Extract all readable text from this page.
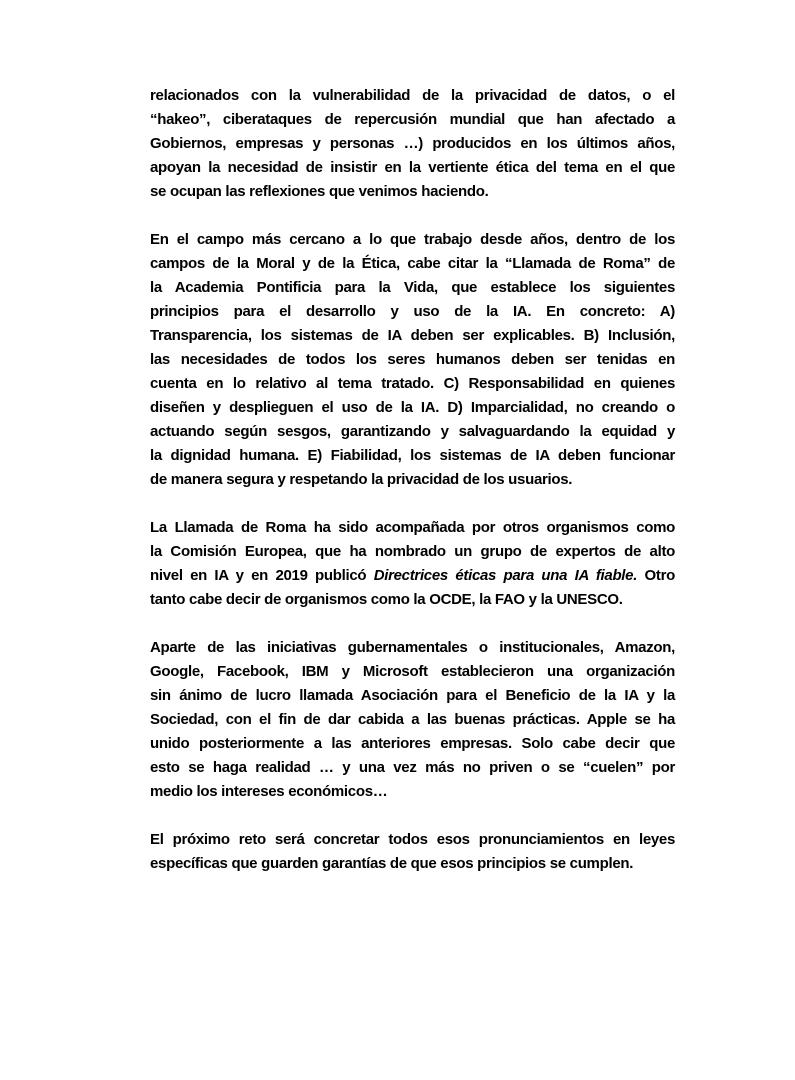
relacionados con la vulnerabilidad de la privacidad de datos, o el
“hakeo”, ciberataques de repercusión mundial que han afectado a
Gobiernos, empresas y personas …) producidos en los últimos años,
apoyan la necesidad de insistir en la vertiente ética del tema en el que
se ocupan las reflexiones que venimos haciendo.

En el campo más cercano a lo que trabajo desde años, dentro de los
campos de la Moral y de la Ética, cabe citar la “Llamada de Roma” de
la Academia Pontificia para la Vida, que establece los siguientes
principios para el desarrollo y uso de la IA. En concreto: A)
Transparencia, los sistemas de IA deben ser explicables. B) Inclusión,
las necesidades de todos los seres humanos deben ser tenidas en
cuenta en lo relativo al tema tratado. C) Responsabilidad en quienes
diseñen y desplieguen el uso de la IA. D) Imparcialidad, no creando o
actuando según sesgos, garantizando y salvaguardando la equidad y
la dignidad humana. E) Fiabilidad, los sistemas de IA deben funcionar
de manera segura y respetando la privacidad de los usuarios.

La Llamada de Roma ha sido acompañada por otros organismos como
la Comisión Europea, que ha nombrado un grupo de expertos de alto
nivel en IA y en 2019 publicó Directrices éticas para una IA fiable. Otro
tanto cabe decir de organismos como la OCDE, la FAO y la UNESCO.

Aparte de las iniciativas gubernamentales o institucionales, Amazon,
Google, Facebook, IBM y Microsoft establecieron una organización
sin ánimo de lucro llamada Asociación para el Beneficio de la IA y la
Sociedad, con el fin de dar cabida a las buenas prácticas. Apple se ha
unido posteriormente a las anteriores empresas. Solo cabe decir que
esto se haga realidad … y una vez más no priven o se “cuelen” por
medio los intereses económicos…

El próximo reto será concretar todos esos pronunciamientos en leyes
específicas que guarden garantías de que esos principios se cumplen.
